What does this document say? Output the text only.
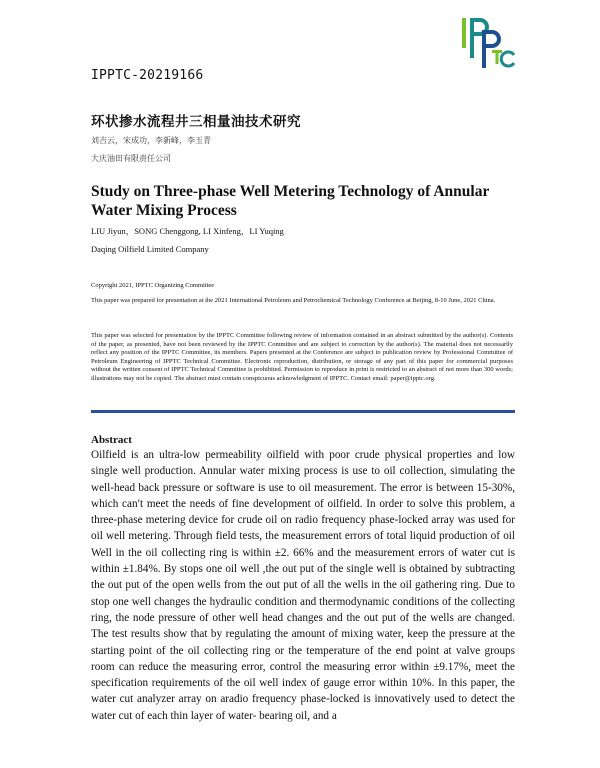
IPPTC-20219166
环状掺水流程井三相量油技术研究
刘吉云，宋成功，李新峰，李玉青
大庆油田有限责任公司
Study on Three-phase Well Metering Technology of Annular Water Mixing Process
LIU Jiyun，SONG Chenggong, LI Xinfeng，LI Yuqing
Daqing Oilfield Limited Company
Copyright 2021, IPPTC Organizing Committee
This paper was prepared for presentation at the 2021 International Petroleum and Petrochemical Technology Conference at Beijing, 8-10 June, 2021 China.
This paper was selected for presentation by the IPPTC Committee following review of information contained in an abstract submitted by the author(s). Contents of the paper, as presented, have not been reviewed by the IPPTC Committee and are subject to correction by the author(s). The material does not necessarily reflect any position of the IPPTC Committee, its members. Papers presented at the Conference are subject to publication review by Professional Committee of Petroleum Engineering of IPPTC Technical Committee. Electronic reproduction, distribution, or storage of any part of this paper for commercial purposes without the written consent of IPPTC Technical Committee is prohibited. Permission to reproduce in print is restricted to an abstract of not more than 300 words; illustrations may not be copied. The abstract must contain conspicuous acknowledgment of IPPTC. Contact email: paper@ipptc.org.
Abstract
Oilfield is an ultra-low permeability oilfield with poor crude physical properties and low single well production. Annular water mixing process is use to oil collection, simulating the well-head back pressure or software is use to oil measurement. The error is between 15-30%, which can′t meet the needs of fine development of oilfield. In order to solve this problem, a three-phase metering device for crude oil on radio frequency phase-locked array was used for oil well metering. Through field tests, the measurement errors of total liquid production of oil Well in the oil collecting ring is within ±2. 66% and the measurement errors of water cut is within ±1.84%. By stops one oil well ,the out put of the single well is obtained by subtracting the out put of the open wells from the out put of all the wells in the oil gathering ring. Due to stop one well changes the hydraulic condition and thermodynamic conditions of the collecting ring, the node pressure of other well head changes and the out put of the wells are changed. The test results show that by regulating the amount of mixing water, keep the pressure at the starting point of the oil collecting ring or the temperature of the end point at valve groups room can reduce the measuring error, control the measuring error within ±9.17%, meet the specification requirements of the oil well index of gauge error within 10%. In this paper, the water cut analyzer array on aradio frequency phase-locked is innovatively used to detect the water cut of each thin layer of water- bearing oil, and a
